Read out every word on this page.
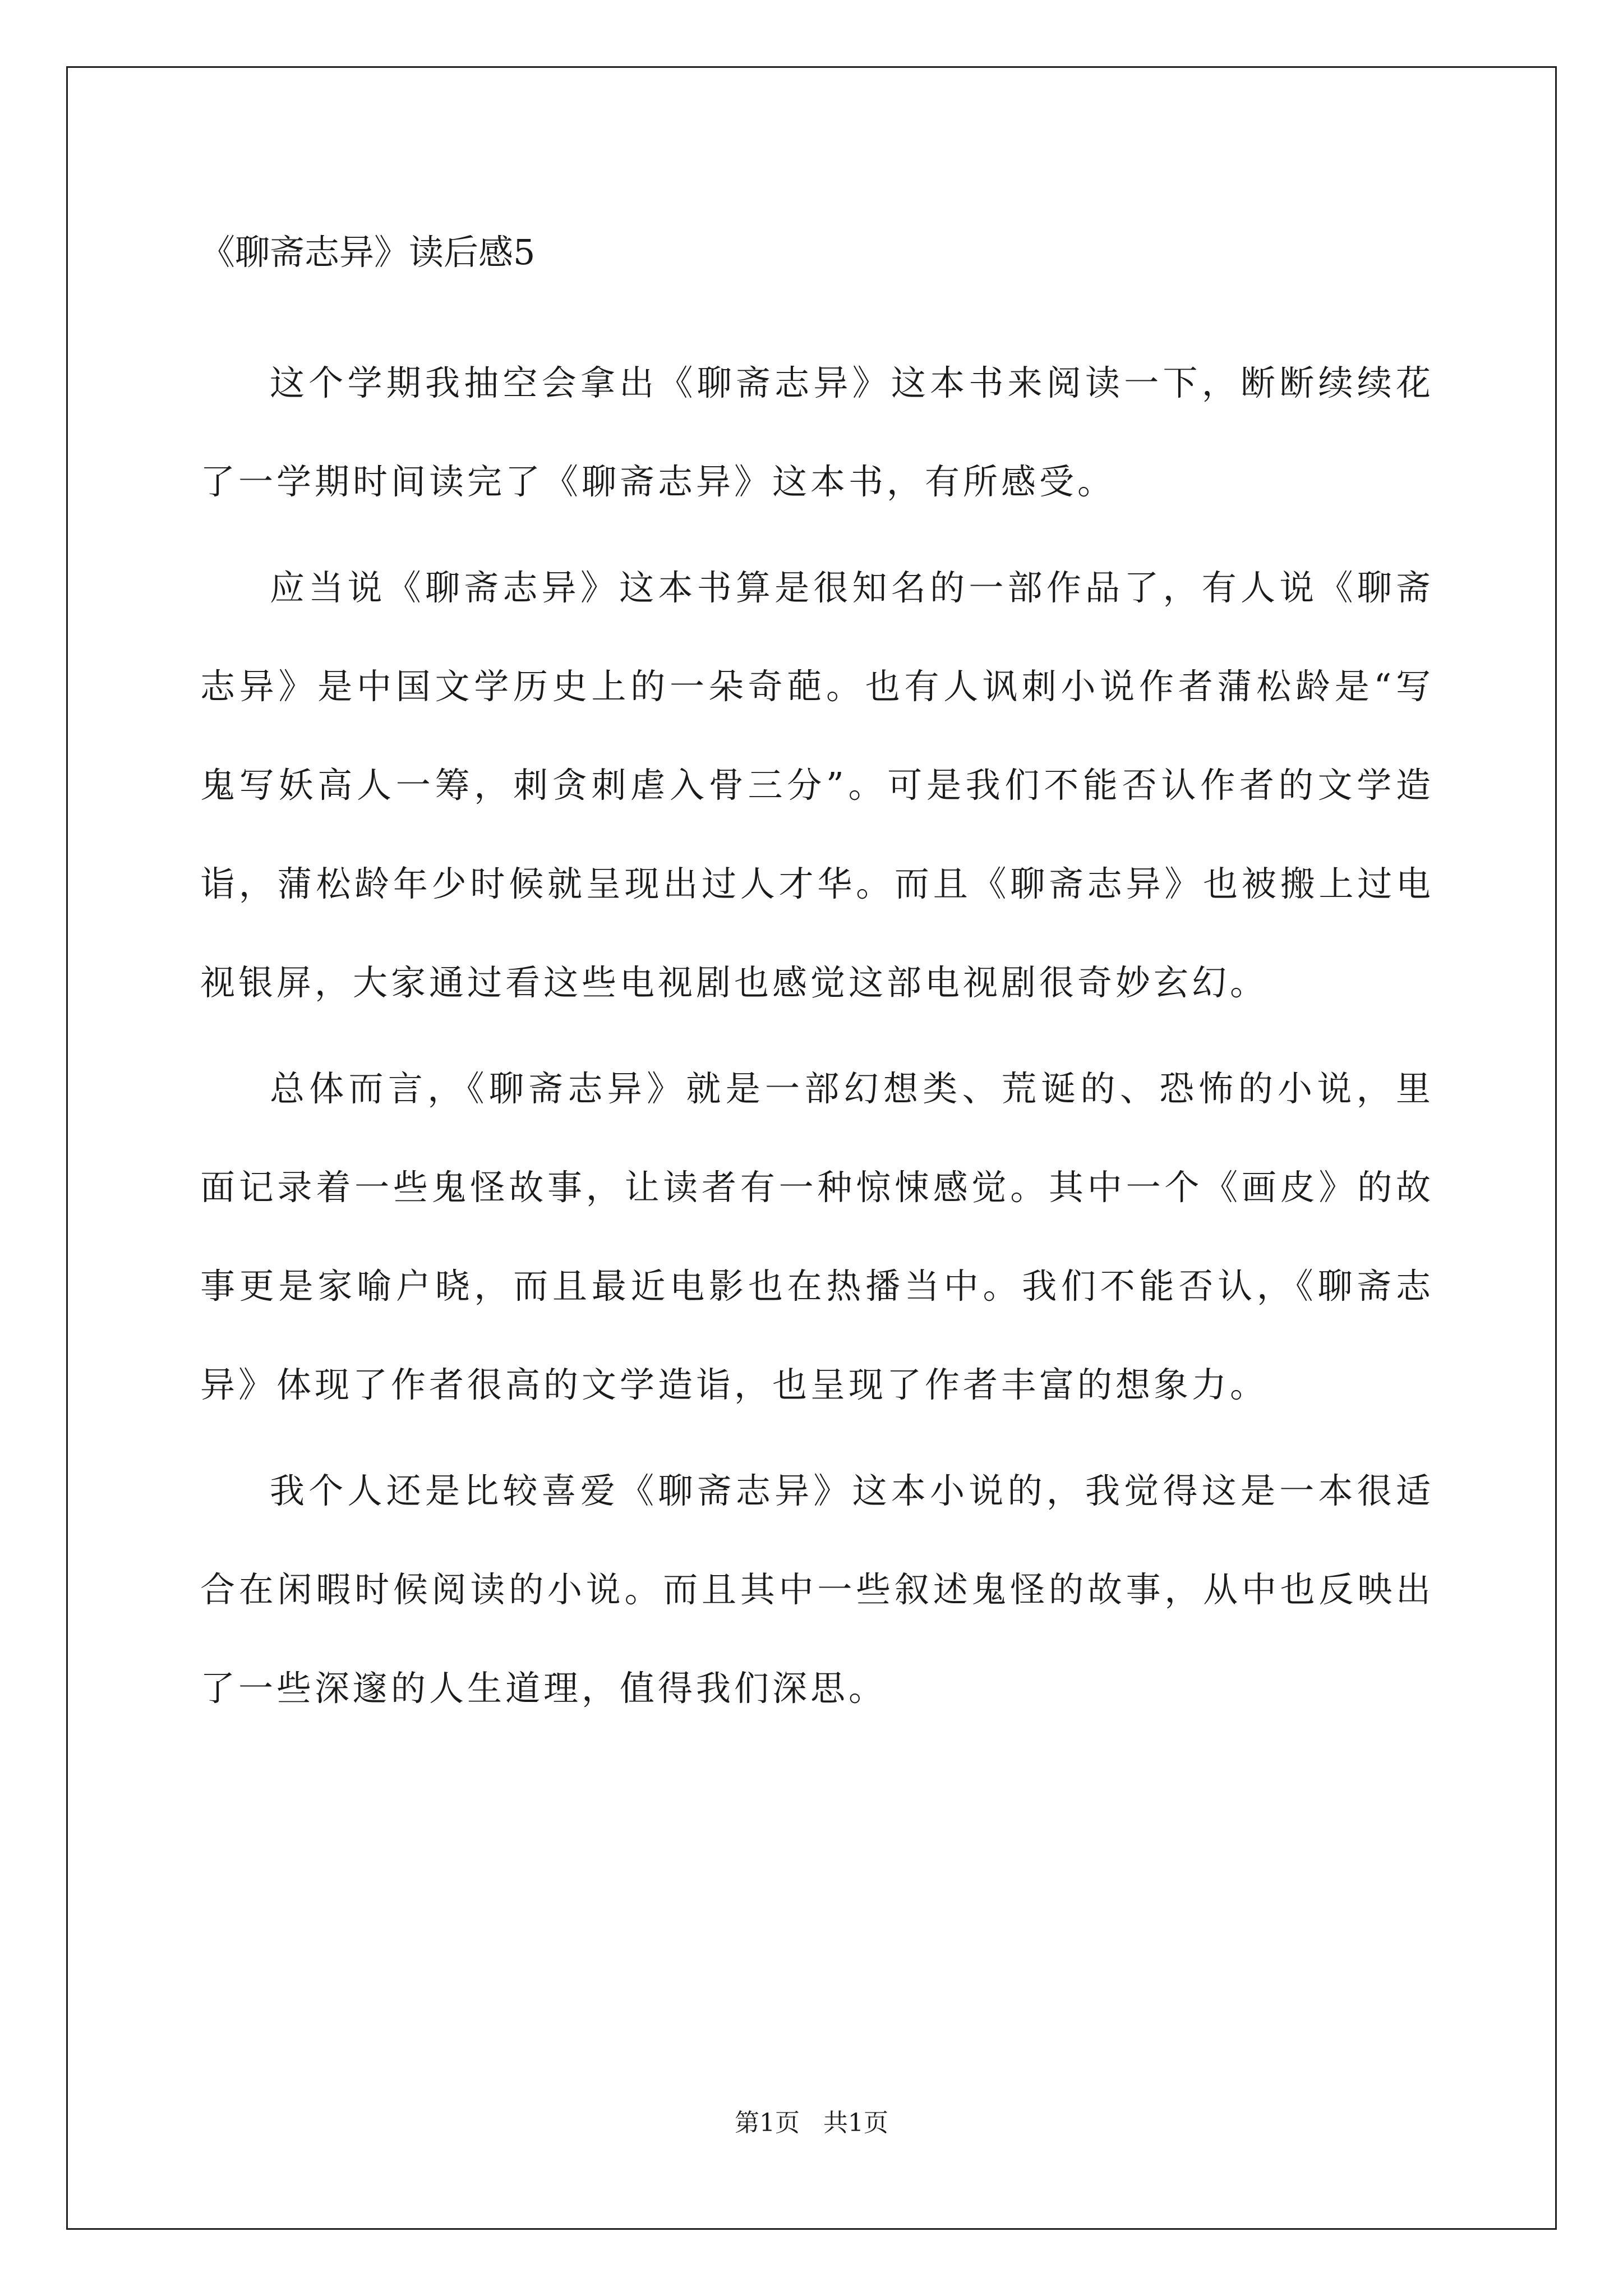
《聊斋志异》读后感5

这个学期我抽空会拿出《聊斋志异》这本书来阅读一下，断断续续花了一学期时间读完了《聊斋志异》这本书，有所感受。

应当说《聊斋志异》这本书算是很知名的一部作品了，有人说《聊斋志异》是中国文学历史上的一朵奇葩。也有人讽刺小说作者蒲松龄是“写鬼写妖高人一筹，刺贪刺虐入骨三分”。可是我们不能否认作者的文学造诣，蒲松龄年少时候就呈现出过人才华。而且《聊斋志异》也被搬上过电视银屏，大家通过看这些电视剧也感觉这部电视剧很奇妙玄幻。

总体而言，《聊斋志异》就是一部幻想类、荒诞的、恐怖的小说，里面记录着一些鬼怪故事，让读者有一种惊悚感觉。其中一个《画皮》的故事更是家喻户晓，而且最近电影也在热播当中。我们不能否认，《聊斋志异》体现了作者很高的文学造诣，也呈现了作者丰富的想象力。

我个人还是比较喜爱《聊斋志异》这本小说的，我觉得这是一本很适合在闲暇时候阅读的小说。而且其中一些叙述鬼怪的故事，从中也反映出了一些深邃的人生道理，值得我们深思。

第1页   共1页
